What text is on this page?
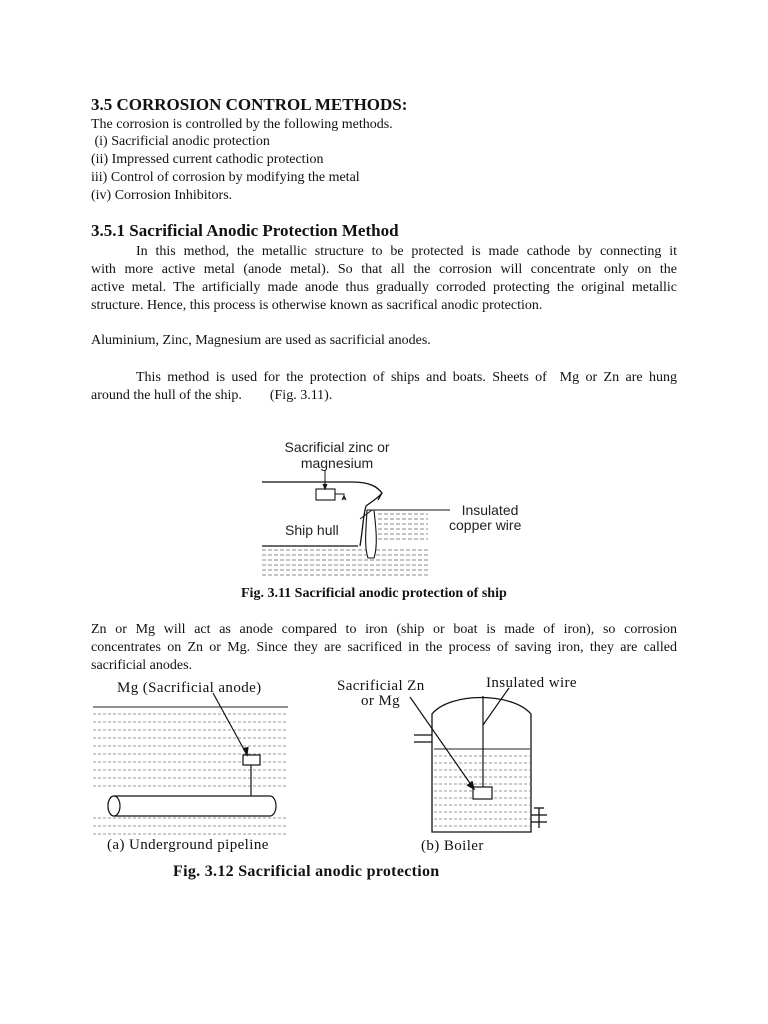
3.5 CORROSION CONTROL METHODS:
The corrosion is controlled by the following methods.
(i) Sacrificial anodic protection
(ii) Impressed current cathodic protection
iii) Control of corrosion by modifying the metal
(iv) Corrosion Inhibitors.
3.5.1 Sacrificial Anodic Protection Method
In this method, the metallic structure to be protected is made cathode by connecting it
with more active metal (anode metal). So that all the corrosion will concentrate only on the
active metal. The artificially made anode thus gradually corroded protecting the original metallic
structure. Hence, this process is otherwise known as sacrifical anodic protection.
Aluminium, Zinc, Magnesium are used as sacrificial anodes.
This method is used for the protection of ships and boats. Sheets of  Mg or Zn are hung
around the hull of the ship.        (Fig. 3.11).
Sacrificial zinc or
magnesium
Insulated
copper wire
Ship hull
Fig. 3.11 Sacrificial anodic protection of ship
Zn or Mg will act as anode compared to iron (ship or boat is made of iron), so corrosion
concentrates on Zn or Mg. Since they are sacrificed in the process of saving iron, they are called
sacrificial anodes.
Mg (Sacrificial anode)
(a) Underground pipeline
Sacrificial Zn
or Mg
Insulated wire
(b) Boiler
Fig. 3.12 Sacrificial anodic protection
